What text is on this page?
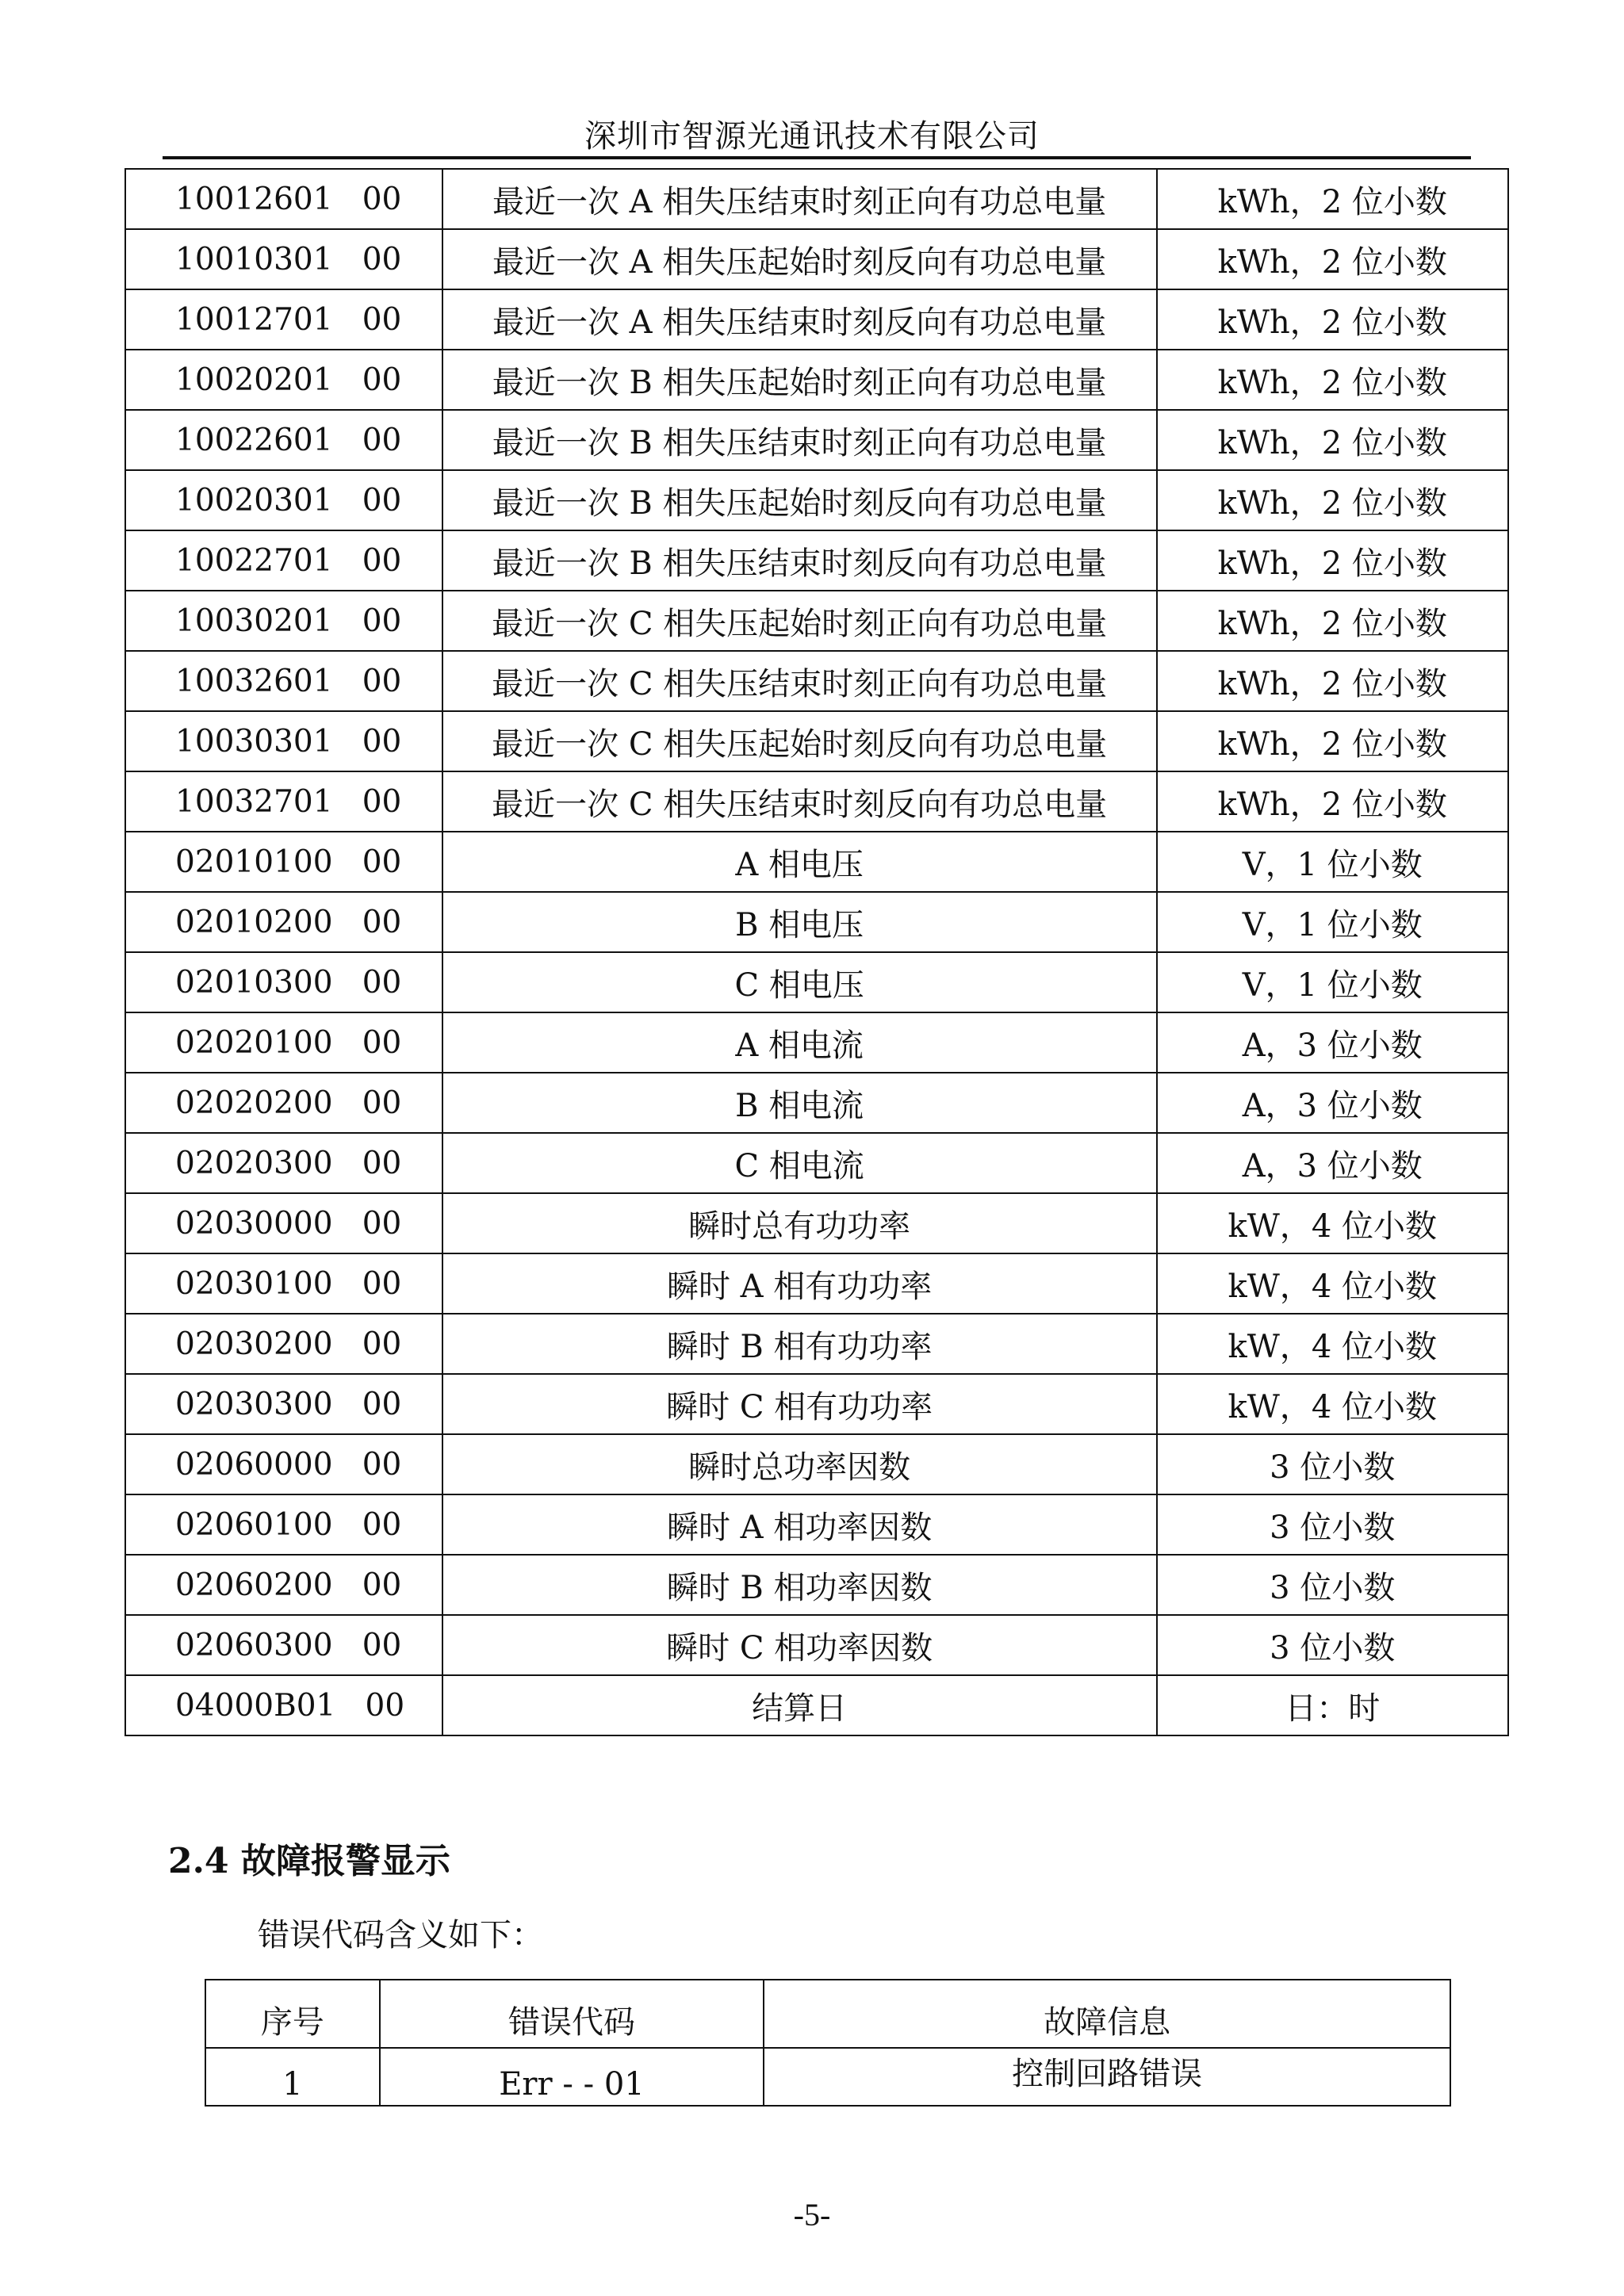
深圳市智源光通讯技术有限公司
10012601   00	最近一次 A 相失压结束时刻正向有功总电量	kWh，2 位小数
10010301   00	最近一次 A 相失压起始时刻反向有功总电量	kWh，2 位小数
10012701   00	最近一次 A 相失压结束时刻反向有功总电量	kWh，2 位小数
10020201   00	最近一次 B 相失压起始时刻正向有功总电量	kWh，2 位小数
10022601   00	最近一次 B 相失压结束时刻正向有功总电量	kWh，2 位小数
10020301   00	最近一次 B 相失压起始时刻反向有功总电量	kWh，2 位小数
10022701   00	最近一次 B 相失压结束时刻反向有功总电量	kWh，2 位小数
10030201   00	最近一次 C 相失压起始时刻正向有功总电量	kWh，2 位小数
10032601   00	最近一次 C 相失压结束时刻正向有功总电量	kWh，2 位小数
10030301   00	最近一次 C 相失压起始时刻反向有功总电量	kWh，2 位小数
10032701   00	最近一次 C 相失压结束时刻反向有功总电量	kWh，2 位小数
02010100   00	A 相电压	V，1 位小数
02010200   00	B 相电压	V，1 位小数
02010300   00	C 相电压	V，1 位小数
02020100   00	A 相电流	A，3 位小数
02020200   00	B 相电流	A，3 位小数
02020300   00	C 相电流	A，3 位小数
02030000   00	瞬时总有功功率	kW，4 位小数
02030100   00	瞬时 A 相有功功率	kW，4 位小数
02030200   00	瞬时 B 相有功功率	kW，4 位小数
02030300   00	瞬时 C 相有功功率	kW，4 位小数
02060000   00	瞬时总功率因数	3 位小数
02060100   00	瞬时 A 相功率因数	3 位小数
02060200   00	瞬时 B 相功率因数	3 位小数
02060300   00	瞬时 C 相功率因数	3 位小数
04000B01   00	结算日	日：时
2.4 故障报警显示
错误代码含义如下：
序号	错误代码	故障信息
1	Err - - 01	控制回路错误
-5-
